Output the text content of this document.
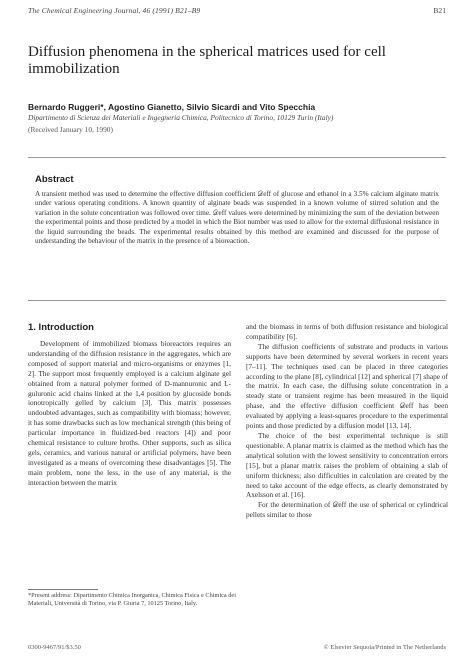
The Chemical Engineering Journal, 46 (1991) B21–B9	B21
Diffusion phenomena in the spherical matrices used for cell immobilization
Bernardo Ruggeri*, Agostino Gianetto, Silvio Sicardi and Vito Specchia
Dipartimento di Scienza dei Materiali e Ingegneria Chimica, Politecnico di Torino, 10129 Turin (Italy)
(Received January 10, 1990)
Abstract
A transient method was used to determine the effective diffusion coefficient 𝒟eff of glucose and ethanol in a 3.5% calcium alginate matrix under various operating conditions. A known quantity of alginate beads was suspended in a known volume of stirred solution and the variation in the solute concentration was followed over time. 𝒟eff values were determined by minimizing the sum of the deviation between the experimental points and those predicted by a model in which the Biot number was used to allow for the external diffusional resistance in the liquid surrounding the beads. The experimental results obtained by this method are examined and discussed for the purpose of understanding the behaviour of the matrix in the presence of a bioreaction.
1. Introduction

Development of immobilized biomass bioreactors requires an understanding of the diffusion resistance in the aggregates, which are composed of support material and micro-organisms or enzymes [1, 2]. The support most frequently employed is a calcium alginate gel obtained from a natural polymer formed of D-mannuronic and L-guluronic acid chains linked at the 1,4 position by glucoside bonds ionotropically gelled by calcium [3]. This matrix possesses undoubted advantages, such as compatibility with biomass; however, it has some drawbacks such as low mechanical strength (this being of particular importance in fluidized-bed reactors [4]) and poor chemical resistance to culture broths. Other supports, such as silica gels, ceramics, and various natural or artificial polymers, have been investigated as a means of overcoming these disadvantages [5]. The main problem, none the less, in the use of any material, is the interaction between the matrix

and the biomass in terms of both diffusion resistance and biological compatibility [6].

The diffusion coefficients of substrate and products in various supports have been determined by several workers in recent years [7–11]. The techniques used can be placed in three categories according to the plane [8], cylindrical [12] and spherical [7] shape of the matrix. In each case, the diffusing solute concentration in a steady state or transient regime has been measured in the liquid phase, and the effective diffusion coefficient 𝒟eff has been evaluated by applying a least-squares procedure to the experimental points and those predicted by a diffusion model [13, 14].

The choice of the best experimental technique is still questionable. A planar matrix is claimed as the method which has the analytical solution with the lowest sensitivity to concentration errors [15], but a planar matrix raises the problem of obtaining a slab of uniform thickness; also difficulties in calculation are created by the need to take account of the edge effects, as clearly demonstrated by Axelsson et al. [16].

For the determination of 𝒟eff the use of spherical or cylindrical pellets similar to those

*Present address: Dipartimento Chimica Inorganica, Chimica Fisica e Chimica dei Materiali, Università di Torino, via P. Giuria 7, 10125 Torino, Italy.
0300-9467/91/$3.50	© Elsevier Sequoia/Printed in The Netherlands
